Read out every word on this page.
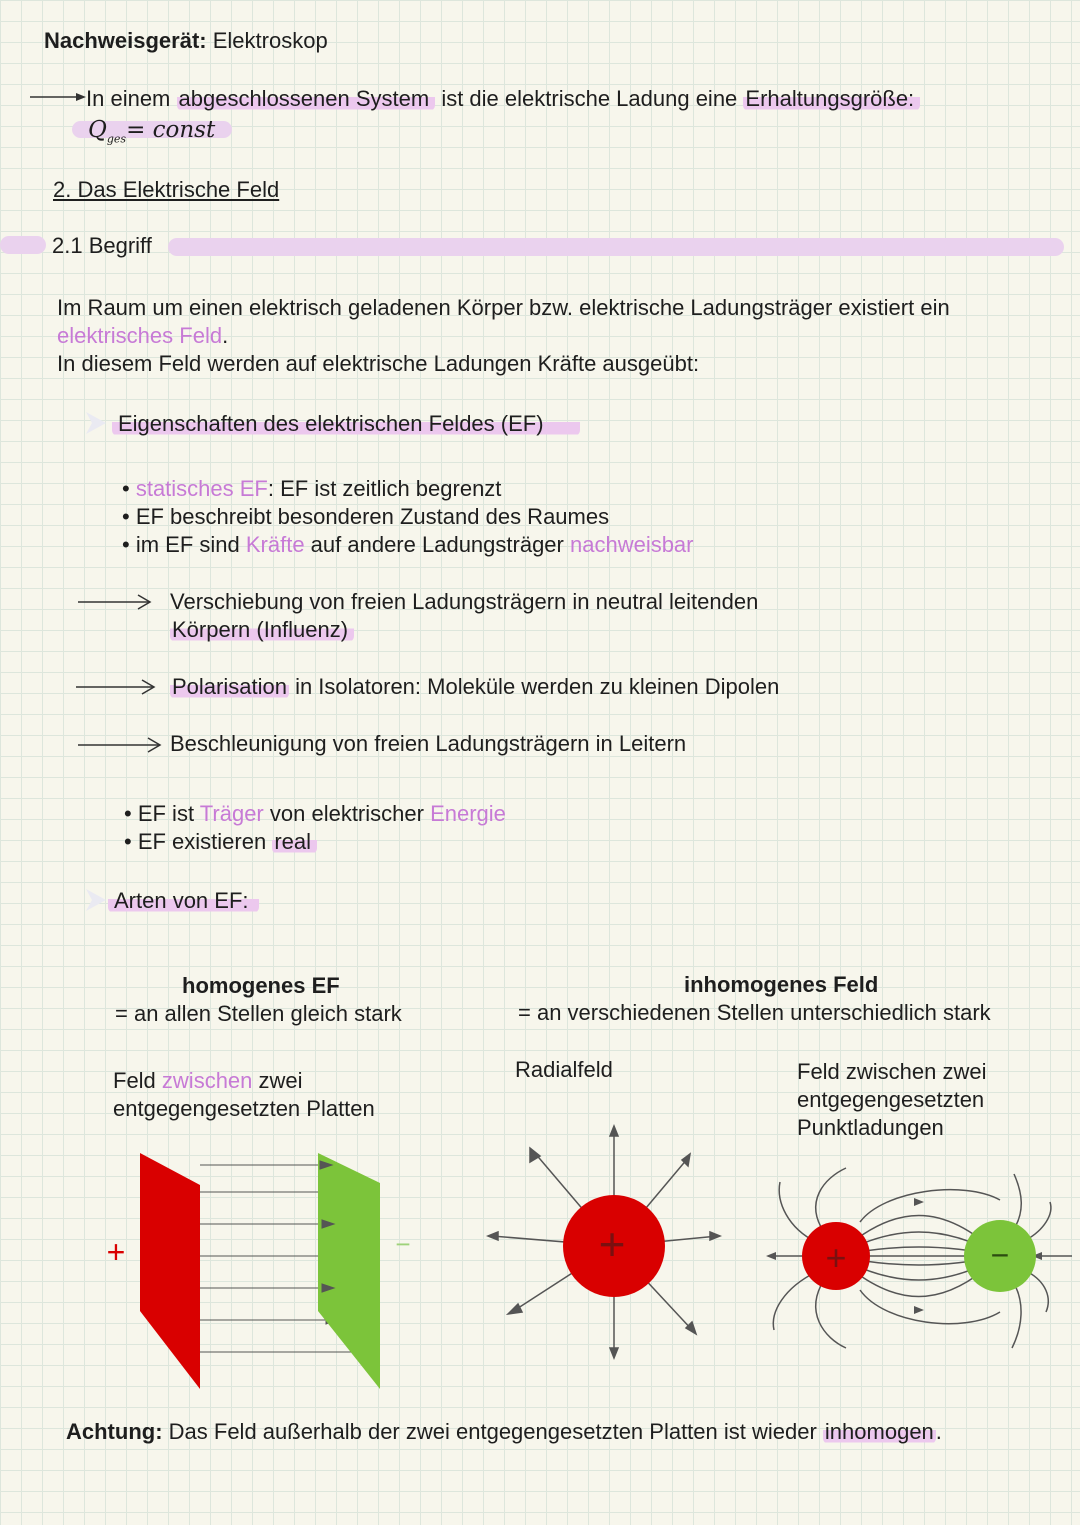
Nachweisgerät: Elektroskop
In einem abgeschlossenen System ist die elektrische Ladung eine Erhaltungsgröße:
$Q_{ges}=$ const
2. Das Elektrische Feld
2.1 Begriff
Im Raum um einen elektrisch geladenen Körper bzw. elektrische Ladungsträger existiert ein
elektrisches Feld.
In diesem Feld werden auf elektrische Ladungen Kräfte ausgeübt:
Eigenschaften des elektrischen Feldes (EF)
• statisches EF: EF ist zeitlich begrenzt
• EF beschreibt besonderen Zustand des Raumes
• im EF sind Kräfte auf andere Ladungsträger nachweisbar
Verschiebung von freien Ladungsträgern in neutral leitenden
Körpern (Influenz)
Polarisation in Isolatoren: Moleküle werden zu kleinen Dipolen
Beschleunigung von freien Ladungsträgern in Leitern
• EF ist Träger von elektrischer Energie
• EF existieren real
Arten von EF:
homogenes EF
= an allen Stellen gleich stark
Feld zwischen zwei
entgegengesetzten Platten
inhomogenes Feld
= an verschiedenen Stellen unterschiedlich stark
Radialfeld	Feld zwischen zwei
entgegengesetzten
Punktladungen
+	−	+	+	−
Achtung: Das Feld außerhalb der zwei entgegengesetzten Platten ist wieder inhomogen.
